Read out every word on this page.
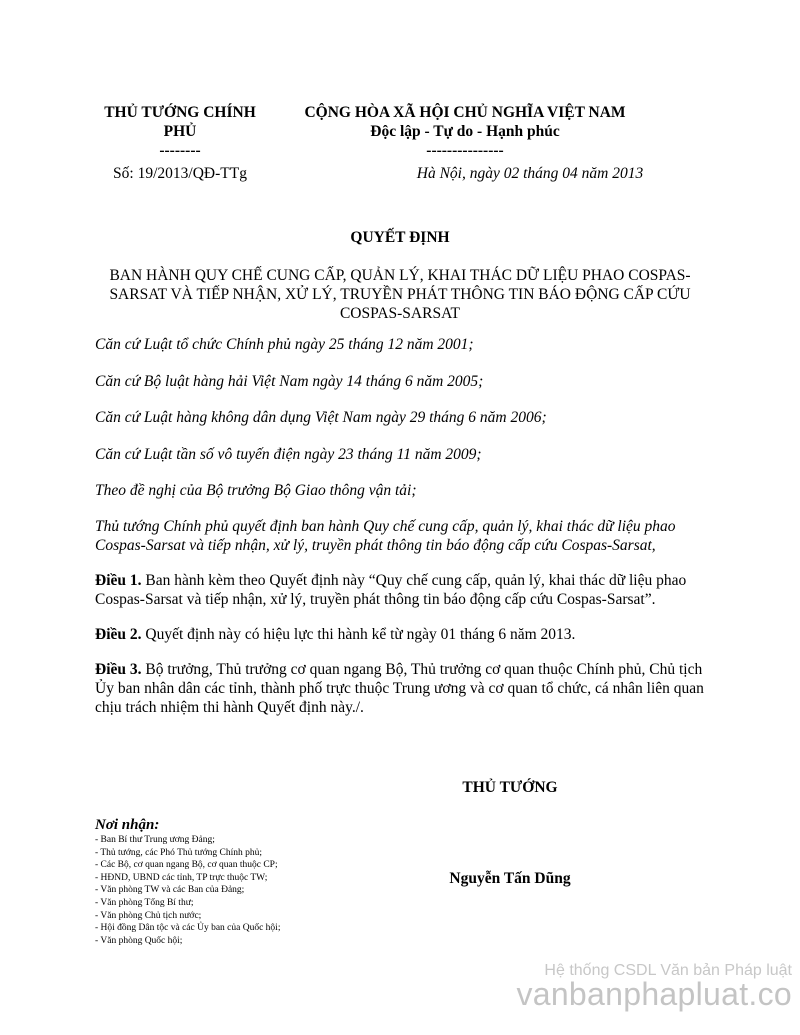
THỦ TƯỚNG CHÍNH PHỦ
--------
Số: 19/2013/QĐ-TTg
CỘNG HÒA XÃ HỘI CHỦ NGHĨA VIỆT NAM
Độc lập - Tự do - Hạnh phúc
---------------
Hà Nội, ngày 02 tháng 04 năm 2013
QUYẾT ĐỊNH
BAN HÀNH QUY CHẾ CUNG CẤP, QUẢN LÝ, KHAI THÁC DỮ LIỆU PHAO COSPAS-SARSAT VÀ TIẾP NHẬN, XỬ LÝ, TRUYỀN PHÁT THÔNG TIN BÁO ĐỘNG CẤP CỨU COSPAS-SARSAT
Căn cứ Luật tổ chức Chính phủ ngày 25 tháng 12 năm 2001;
Căn cứ Bộ luật hàng hải Việt Nam ngày 14 tháng 6 năm 2005;
Căn cứ Luật hàng không dân dụng Việt Nam ngày 29 tháng 6 năm 2006;
Căn cứ Luật tần số vô tuyến điện ngày 23 tháng 11 năm 2009;
Theo đề nghị của Bộ trưởng Bộ Giao thông vận tải;
Thủ tướng Chính phủ quyết định ban hành Quy chế cung cấp, quản lý, khai thác dữ liệu phao Cospas-Sarsat và tiếp nhận, xử lý, truyền phát thông tin báo động cấp cứu Cospas-Sarsat,
Điều 1. Ban hành kèm theo Quyết định này “Quy chế cung cấp, quản lý, khai thác dữ liệu phao Cospas-Sarsat và tiếp nhận, xử lý, truyền phát thông tin báo động cấp cứu Cospas-Sarsat”.
Điều 2. Quyết định này có hiệu lực thi hành kể từ ngày 01 tháng 6 năm 2013.
Điều 3. Bộ trưởng, Thủ trưởng cơ quan ngang Bộ, Thủ trưởng cơ quan thuộc Chính phủ, Chủ tịch Ủy ban nhân dân các tỉnh, thành phố trực thuộc Trung ương và cơ quan tổ chức, cá nhân liên quan chịu trách nhiệm thi hành Quyết định này./.
THỦ TƯỚNG
Nguyễn Tấn Dũng
Nơi nhận:
- Ban Bí thư Trung ương Đảng;
- Thủ tướng, các Phó Thủ tướng Chính phủ;
- Các Bộ, cơ quan ngang Bộ, cơ quan thuộc CP;
- HĐND, UBND các tỉnh, TP trực thuộc TW;
- Văn phòng TW và các Ban của Đảng;
- Văn phòng Tổng Bí thư;
- Văn phòng Chủ tịch nước;
- Hội đồng Dân tộc và các Ủy ban của Quốc hội;
- Văn phòng Quốc hội;
Hệ thống CSDL Văn bản Pháp luật
vanbanphapluat.co
